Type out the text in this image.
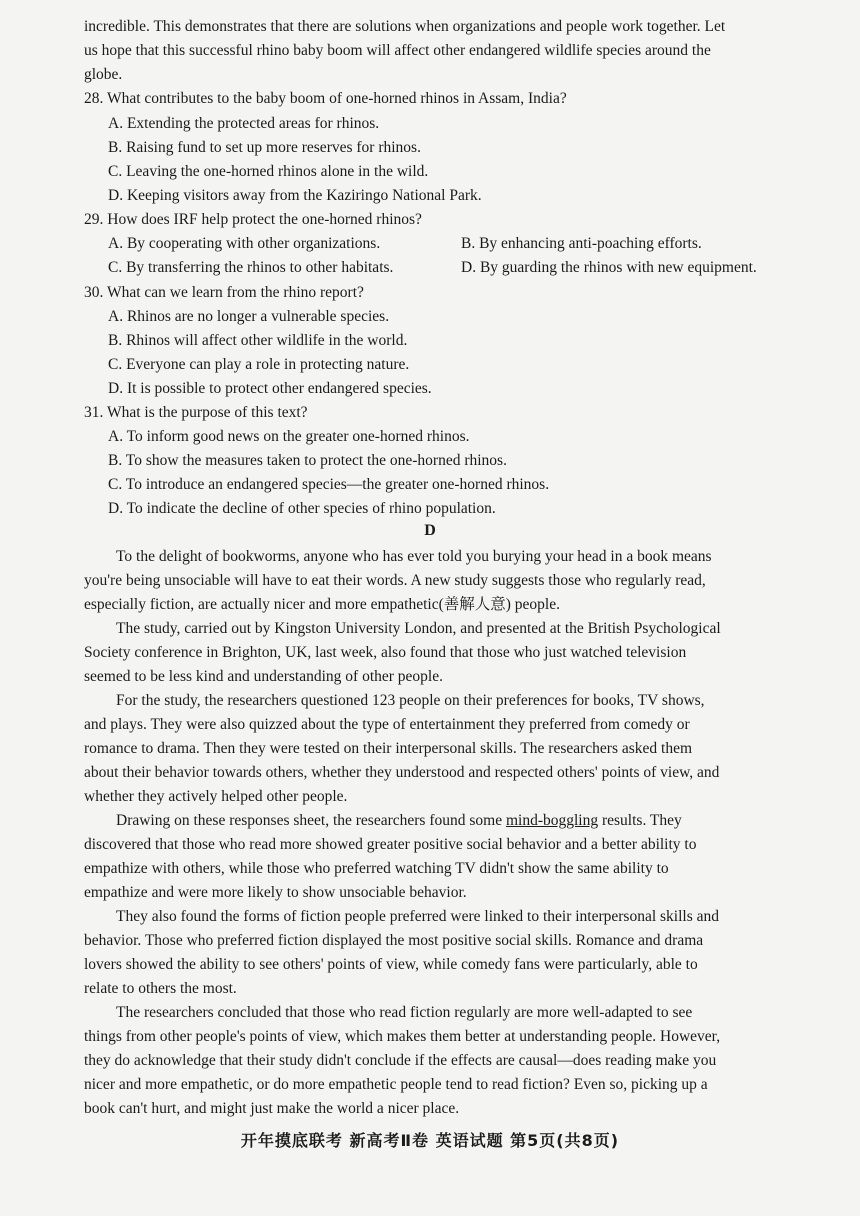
incredible. This demonstrates that there are solutions when organizations and people work together. Let
us hope that this successful rhino baby boom will affect other endangered wildlife species around the
globe.
28. What contributes to the baby boom of one-horned rhinos in Assam, India?
A. Extending the protected areas for rhinos.
B. Raising fund to set up more reserves for rhinos.
C. Leaving the one-horned rhinos alone in the wild.
D. Keeping visitors away from the Kaziringo National Park.
29. How does IRF help protect the one-horned rhinos?
A. By cooperating with other organizations.	B. By enhancing anti-poaching efforts.
C. By transferring the rhinos to other habitats.	D. By guarding the rhinos with new equipment.
30. What can we learn from the rhino report?
A. Rhinos are no longer a vulnerable species.
B. Rhinos will affect other wildlife in the world.
C. Everyone can play a role in protecting nature.
D. It is possible to protect other endangered species.
31. What is the purpose of this text?
A. To inform good news on the greater one-horned rhinos.
B. To show the measures taken to protect the one-horned rhinos.
C. To introduce an endangered species—the greater one-horned rhinos.
D. To indicate the decline of other species of rhino population.
D
To the delight of bookworms, anyone who has ever told you burying your head in a book means
you're being unsociable will have to eat their words. A new study suggests those who regularly read,
especially fiction, are actually nicer and more empathetic(善解人意) people.
The study, carried out by Kingston University London, and presented at the British Psychological
Society conference in Brighton, UK, last week, also found that those who just watched television
seemed to be less kind and understanding of other people.
For the study, the researchers questioned 123 people on their preferences for books, TV shows,
and plays. They were also quizzed about the type of entertainment they preferred from comedy or
romance to drama. Then they were tested on their interpersonal skills. The researchers asked them
about their behavior towards others, whether they understood and respected others' points of view, and
whether they actively helped other people.
Drawing on these responses sheet, the researchers found some mind-boggling results. They
discovered that those who read more showed greater positive social behavior and a better ability to
empathize with others, while those who preferred watching TV didn't show the same ability to
empathize and were more likely to show unsociable behavior.
They also found the forms of fiction people preferred were linked to their interpersonal skills and
behavior. Those who preferred fiction displayed the most positive social skills. Romance and drama
lovers showed the ability to see others' points of view, while comedy fans were particularly, able to
relate to others the most.
The researchers concluded that those who read fiction regularly are more well-adapted to see
things from other people's points of view, which makes them better at understanding people. However,
they do acknowledge that their study didn't conclude if the effects are causal—does reading make you
nicer and more empathetic, or do more empathetic people tend to read fiction? Even so, picking up a
book can't hurt, and might just make the world a nicer place.
开年摸底联考 新高考Ⅱ卷 英语试题 第5页(共8页)
